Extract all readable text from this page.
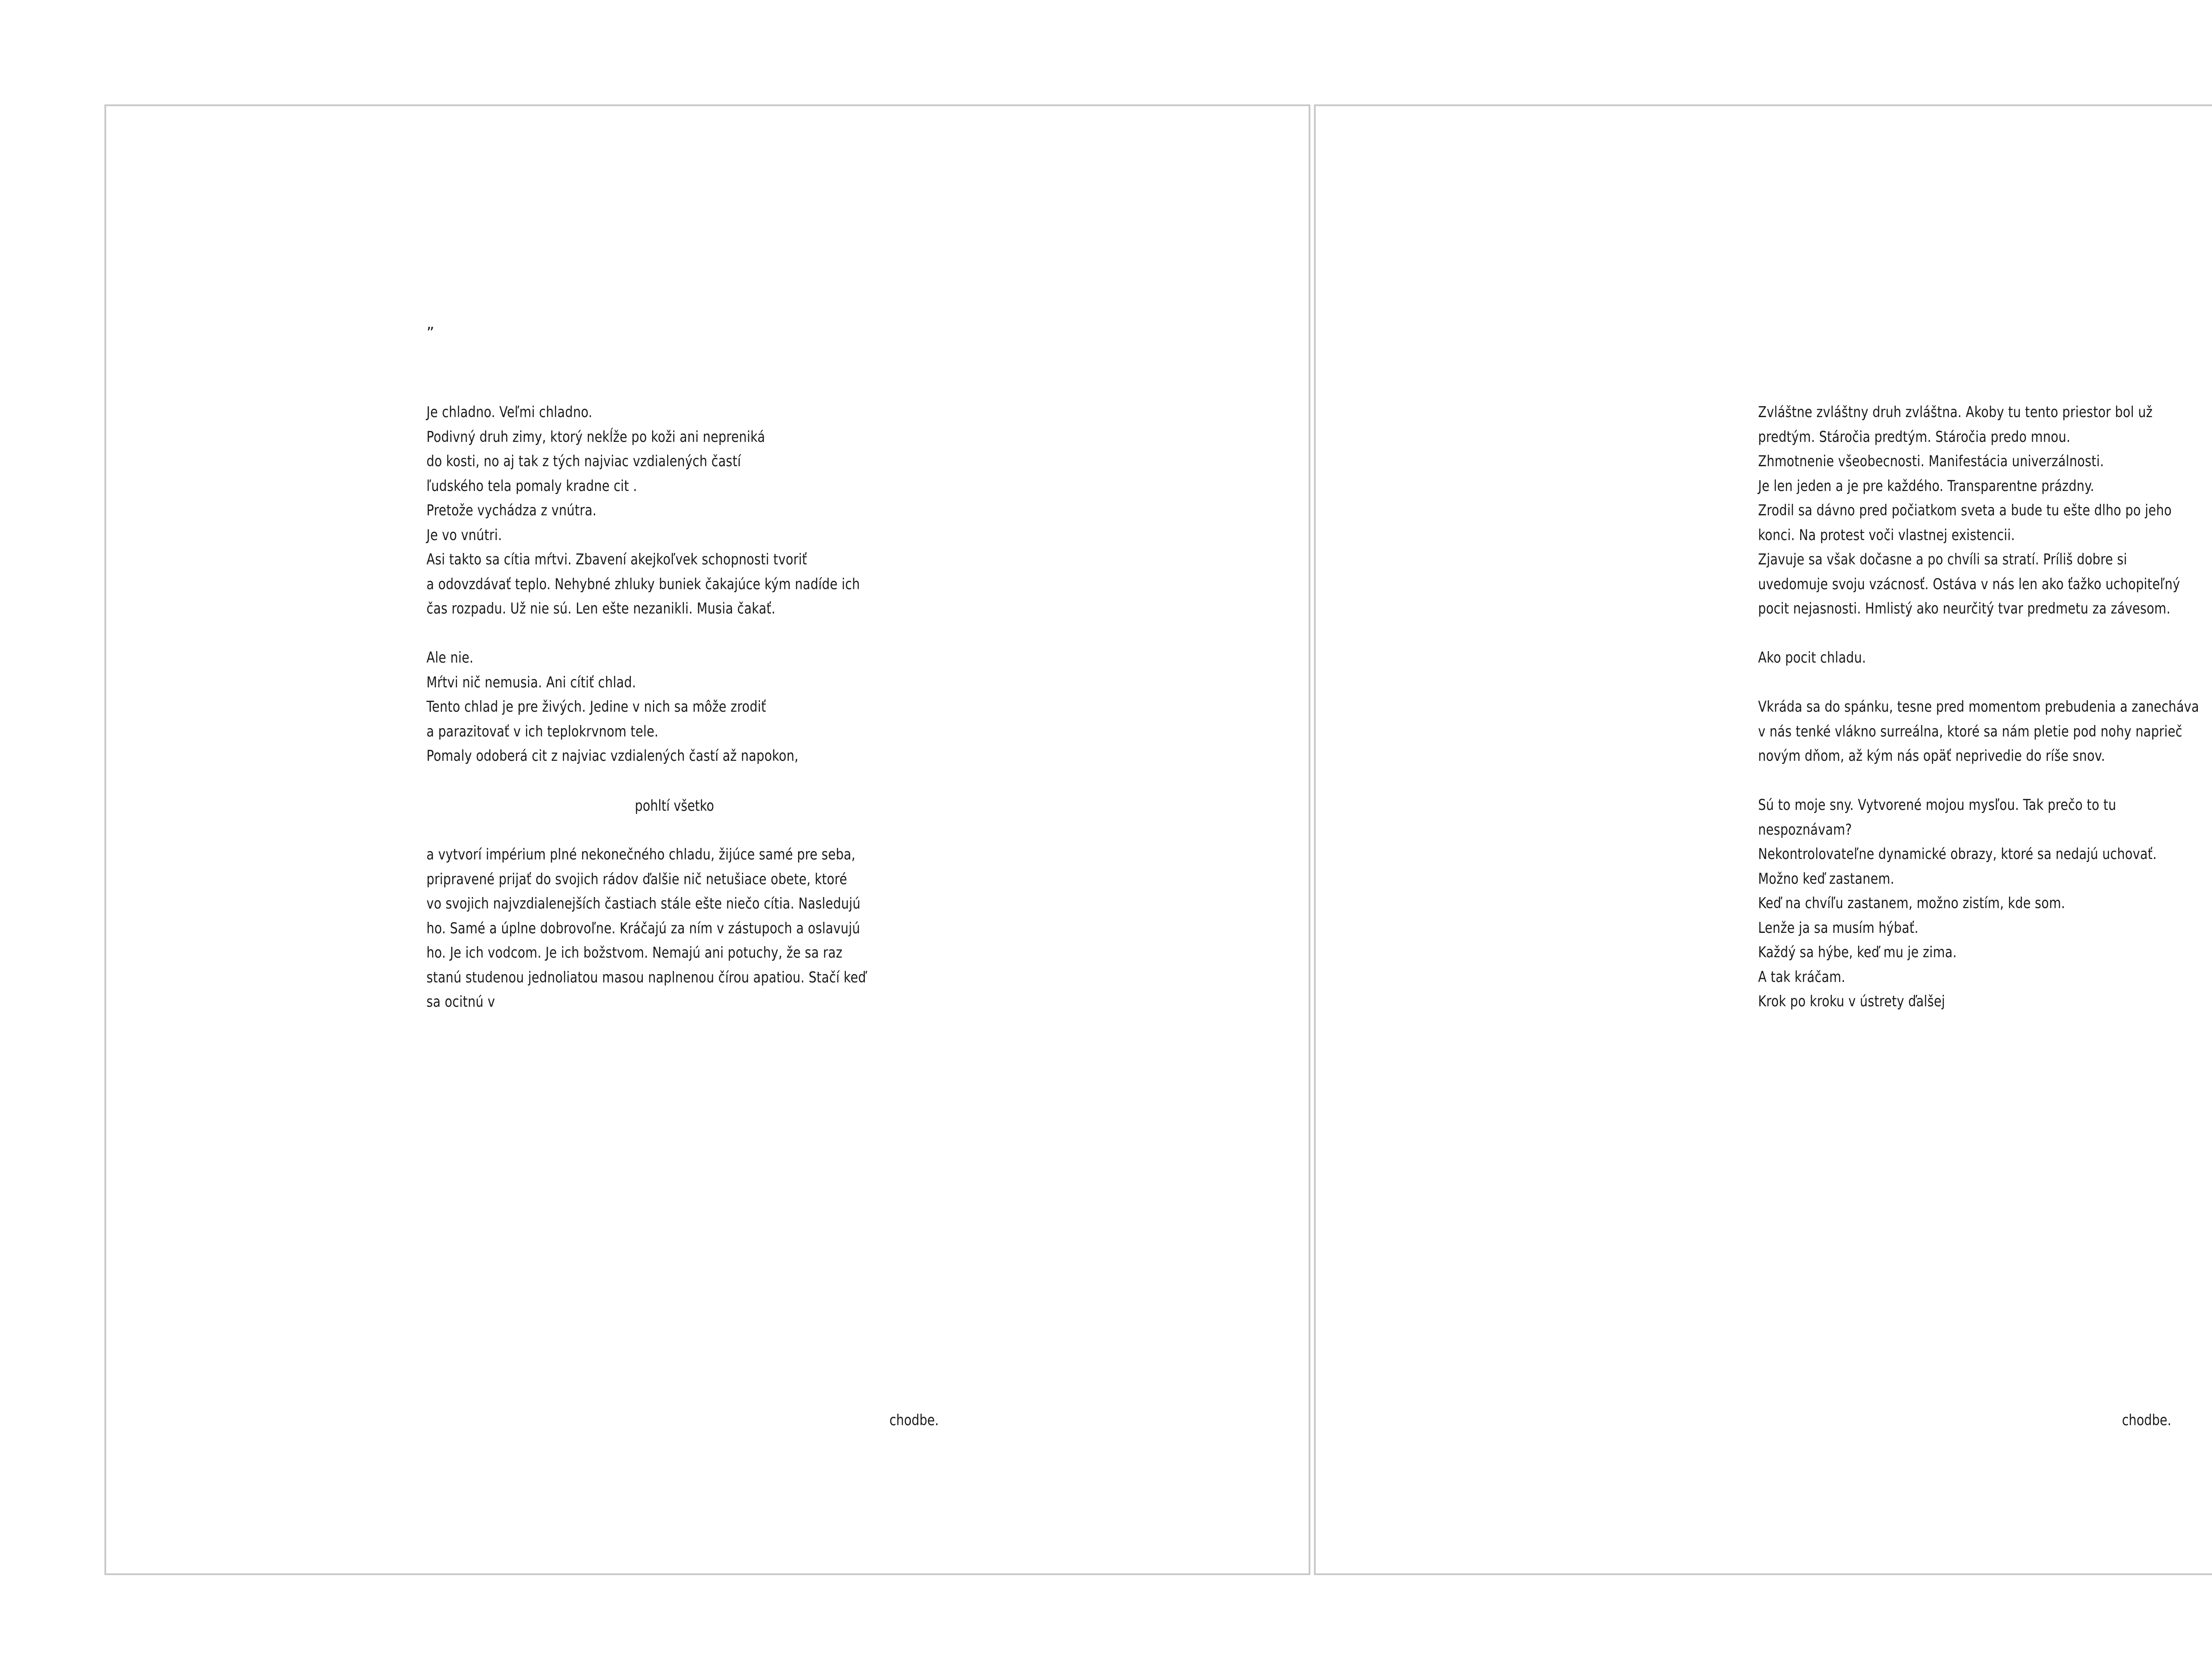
„
Je chladno. Veľmi chladno.
Podivný druh zimy, ktorý nekĺže po koži ani nepreniká
do kosti, no aj tak z tých najviac vzdialených častí
ľudského tela pomaly kradne cit .
Pretože vychádza z vnútra.
Je vo vnútri.
Asi takto sa cítia mŕtvi. Zbavení akejkoľvek schopnosti tvoriť
a odovzdávať teplo. Nehybné zhluky buniek čakajúce kým nadíde ich
čas rozpadu. Už nie sú. Len ešte nezanikli. Musia čakať.

Ale nie.
Mŕtvi nič nemusia. Ani cítiť chlad.
Tento chlad je pre živých. Jedine v nich sa môže zrodiť
a parazitovať v ich teplokrvnom tele.
Pomaly odoberá cit z najviac vzdialených častí až napokon,
pohltí všetko
a vytvorí impérium plné nekonečného chladu, žijúce samé pre seba,
pripravené prijať do svojich rádov ďalšie nič netušiace obete, ktoré
vo svojich najvzdialenejších častiach stále ešte niečo cítia. Nasledujú
ho. Samé a úplne dobrovoľne. Kráčajú za ním v zástupoch a oslavujú
ho. Je ich vodcom. Je ich božstvom. Nemajú ani potuchy, že sa raz
stanú studenou jednoliatou masou naplnenou čírou apatiou. Stačí keď
sa ocitnú v
chodbe.
Zvláštne zvláštny druh zvláštna. Akoby tu tento priestor bol už
predtým. Stáročia predtým. Stáročia predo mnou.
Zhmotnenie všeobecnosti. Manifestácia univerzálnosti.
Je len jeden a je pre každého. Transparentne prázdny.
Zrodil sa dávno pred počiatkom sveta a bude tu ešte dlho po jeho
konci. Na protest voči vlastnej existencii.
Zjavuje sa však dočasne a po chvíli sa stratí. Príliš dobre si
uvedomuje svoju vzácnosť. Ostáva v nás len ako ťažko uchopiteľný
pocit nejasnosti. Hmlistý ako neurčitý tvar predmetu za závesom.
Ako pocit chladu.

Vkráda sa do spánku, tesne pred momentom prebudenia a zanecháva
v nás tenké vlákno surreálna, ktoré sa nám pletie pod nohy naprieč
novým dňom, až kým nás opäť neprivedie do ríše snov.

Sú to moje sny. Vytvorené mojou mysľou. Tak prečo to tu
nespoznávam?
Nekontrolovateľne dynamické obrazy, ktoré sa nedajú uchovať.
Možno keď zastanem.
Keď na chvíľu zastanem, možno zistím, kde som.
Lenže ja sa musím hýbať.
Každý sa hýbe, keď mu je zima.
A tak kráčam.
Krok po kroku v ústrety ďalšej
chodbe.
